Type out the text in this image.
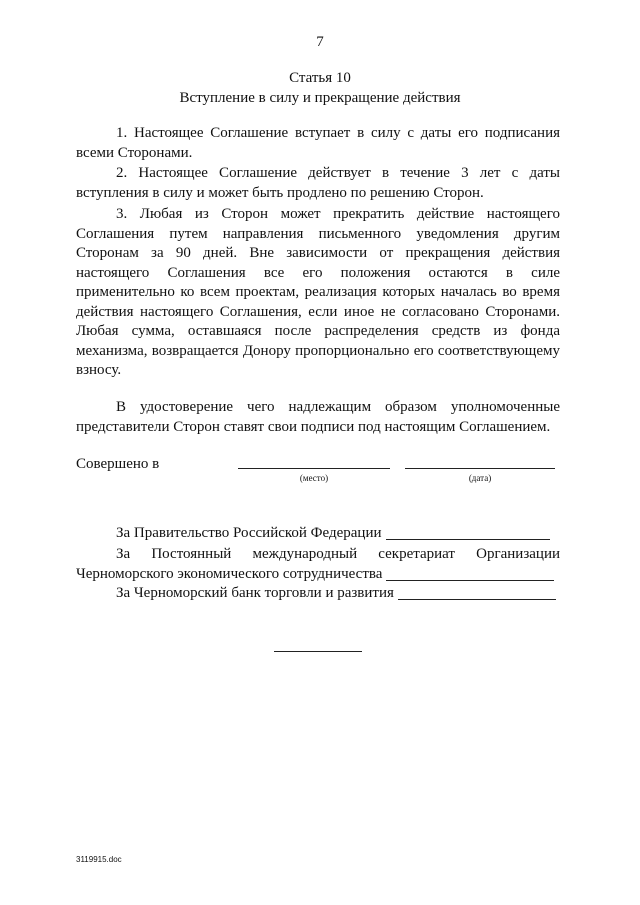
7
Статья 10
Вступление в силу и прекращение действия
1. Настоящее Соглашение вступает в силу с даты его подписания всеми Сторонами.
2. Настоящее Соглашение действует в течение 3 лет с даты вступления в силу и может быть продлено по решению Сторон.
3. Любая из Сторон может прекратить действие настоящего Соглашения путем направления письменного уведомления другим Сторонам за 90 дней. Вне зависимости от прекращения действия настоящего Соглашения все его положения остаются в силе применительно ко всем проектам, реализация которых началась во время действия настоящего Соглашения, если иное не согласовано Сторонами. Любая сумма, оставшаяся после распределения средств из фонда механизма, возвращается Донору пропорционально его соответствующему взносу.
В удостоверение чего надлежащим образом уполномоченные представители Сторон ставят свои подписи под настоящим Соглашением.
Совершено в
(место)	(дата)
За Правительство Российской Федерации
За Постоянный международный секретариат Организации
Черноморского экономического сотрудничества
За Черноморский банк торговли и развития
3119915.doc
